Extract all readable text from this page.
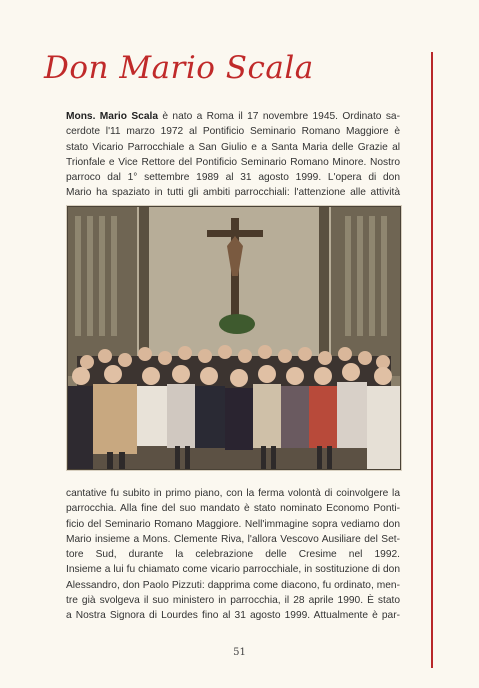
Don Mario Scala
Mons. Mario Scala è nato a Roma il 17 novembre 1945. Ordinato sa-
cerdote l'11 marzo 1972 al Pontificio Seminario Romano Maggiore è
stato Vicario Parrocchiale a San Giulio e a Santa Maria delle Grazie al
Trionfale e Vice Rettore del Pontificio Seminario Romano Minore. Nostro
parroco dal 1° settembre 1989 al 31 agosto 1999. L'opera di don
Mario ha spaziato in tutti gli ambiti parrocchiali: l'attenzione alle attività
cantative fu subito in primo piano, con la ferma volontà di coinvolgere la
parrocchia. Alla fine del suo mandato è stato nominato Economo Ponti-
ficio del Seminario Romano Maggiore. Nell'immagine sopra vediamo don
Mario insieme a Mons. Clemente Riva, l'allora Vescovo Ausiliare del Set-
tore Sud, durante la celebrazione delle Cresime nel 1992.
Insieme a lui fu chiamato come vicario parrocchiale, in sostituzione di don
Alessandro, don Paolo Pizzuti: dapprima come diacono, fu ordinato, men-
tre già svolgeva il suo ministero in parrocchia, il 28 aprile 1990. È stato
a Nostra Signora di Lourdes fino al 31 agosto 1999. Attualmente è par-
51
